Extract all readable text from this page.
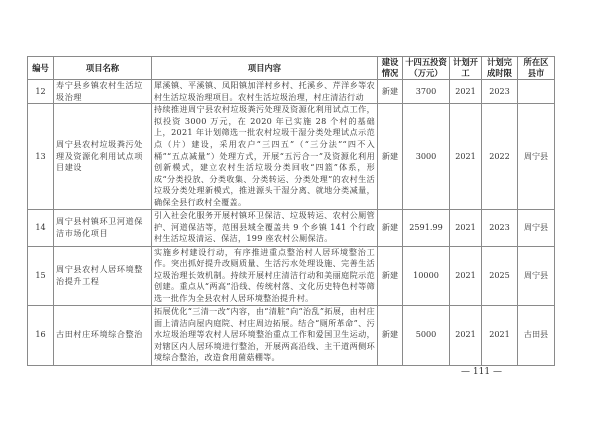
编号	项目名称	项目内容	建设情况	十四五投资（万元）	计划开工	计划完成时限	所在区县市
12	寿宁县乡镇农村生活垃圾治理	犀溪镇、平溪镇、凤阳镇加洋村乡村、托溪乡、芹洋乡等农村生活垃圾治理项目。农村生活垃圾治理，村庄清洁行动	新建	3700	2021	2023	
13	周宁县农村垃圾粪污处理及资源化利用试点项目建设	持续推进周宁县农村垃圾粪污处理及资源化利用试点工作，拟投资 3000 万元，在 2020 年已实施 28 个村的基础上，2021 年计划筛选一批农村垃圾干湿分类处理试点示范点（片）建设，采用农户“三四五”（“三分法”“四不入桶”“五点减量”）处理方式，开展“五污合一”及资源化利用创新模式，建立农村生活垃圾分类回收“四篮”体系，形成“分类投放、分类收集、分类转运、分类处理”的农村生活垃圾分类处理新模式，推进源头干湿分离、就地分类减量，确保全县行政村全覆盖。	新建	3000	2021	2022	周宁县
14	周宁县村镇环卫河道保洁市场化项目	引入社会化服务开展村镇环卫保洁、垃圾转运、农村公厕管护、河道保洁等，范围县域全覆盖共 9 个乡镇 141 个行政村生活垃圾清运、保洁，199 座农村公厕保洁。	新建	2591.99	2021	2023	周宁县
15	周宁县农村人居环境整治提升工程	实施乡村建设行动，有序推进重点整治村人居环境整治工作。突出抓好提升改厕质量、生活污水处理设施、完善生活垃圾治理长效机制。持续开展村庄清洁行动和美丽庭院示范创建。重点从“两高”沿线、传统村落、文化历史特色村等筛选一批作为全县农村人居环境整治提升村。	新建	10000	2021	2025	周宁县
16	古田村庄环境综合整治	拓展优化“三清一改”内容，由“清脏”向“治乱”拓展，由村庄面上清洁向屋内庭院、村庄周边拓展。结合“厕所革命”、污水垃圾治理等农村人居环境整治重点工作和爱国卫生运动，对辖区内人居环境进行整治，开展两高沿线、主干道两侧环境综合整治，改造食用菌菇棚等。	新建	5000	2021	2021	古田县
— 111 —
